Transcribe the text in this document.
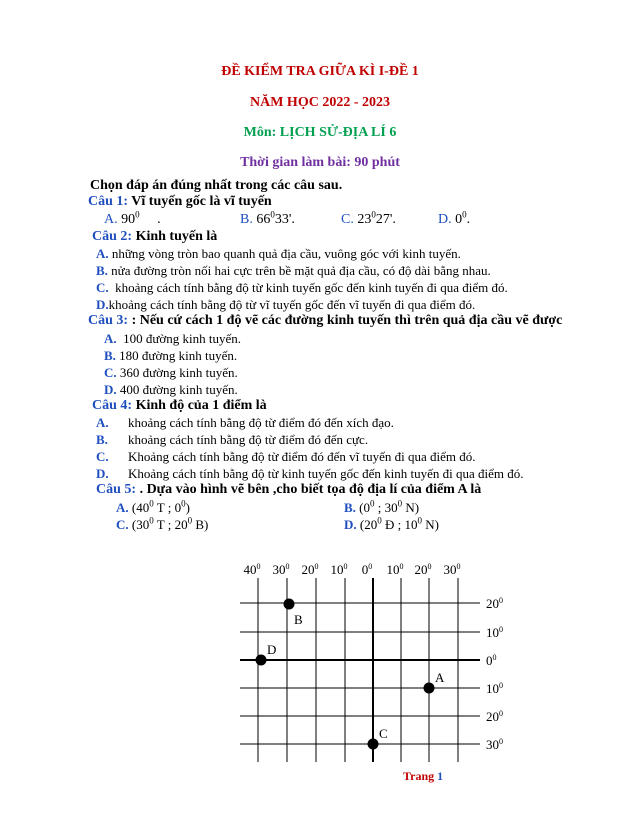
ĐỀ KIỂM TRA GIỮA KÌ I-ĐỀ 1
NĂM HỌC 2022 - 2023
Môn: LỊCH SỬ-ĐỊA LÍ 6
Thời gian làm bài: 90 phút
Chọn đáp án đúng nhất trong các câu sau.
Câu 1: Vĩ tuyến gốc là vĩ tuyến
A. $90^0$     .	B. $66^033'$.	C. $23^027'$.	D. $0^0$.
Câu 2: Kinh tuyến là
A. những vòng tròn bao quanh quả địa cầu, vuông góc với kinh tuyến.
B. nửa đường tròn nối hai cực trên bề mặt quả địa cầu, có độ dài bằng nhau.
C.  khoảng cách tính bằng độ từ kinh tuyến gốc đến kinh tuyến đi qua điểm đó.
D.khoảng cách tính bằng độ từ vĩ tuyến gốc đến vĩ tuyến đi qua điểm đó.
Câu 3: : Nếu cứ cách 1 độ vẽ các đường kinh tuyến thì trên quả địa cầu vẽ được
A.  100 đường kinh tuyến.
B. 180 đường kinh tuyến.
C. 360 đường kinh tuyến.
D. 400 đường kinh tuyến.
Câu 4: Kinh độ của 1 điểm là
A. khoảng cách tính bằng độ từ điểm đó đến xích đạo.
B. khoảng cách tính bằng độ từ điểm đó đến cực.
C. Khoảng cách tính bằng độ từ điểm đó đến vĩ tuyến đi qua điểm đó.
D. Khoảng cách tính bằng độ từ kinh tuyến gốc đến kinh tuyến đi qua điểm đó.
Câu 5: . Dựa vào hình vẽ bên ,cho biết tọa độ địa lí của điểm A là
A. ($40^0$ T ; $0^0$)	B. ($0^0$ ; $30^0$ N)
C. ($30^0$ T ; $20^0$ B)	D. ($20^0$ Đ ; $10^0$ N)
$40^0$ $30^0$ $20^0$ $10^0$ $0^0$ $10^0$ $20^0$ $30^0$
$20^0$
$10^0$
$0^0$
$10^0$
$20^0$
$30^0$
B
D
A
C
Trang 1
